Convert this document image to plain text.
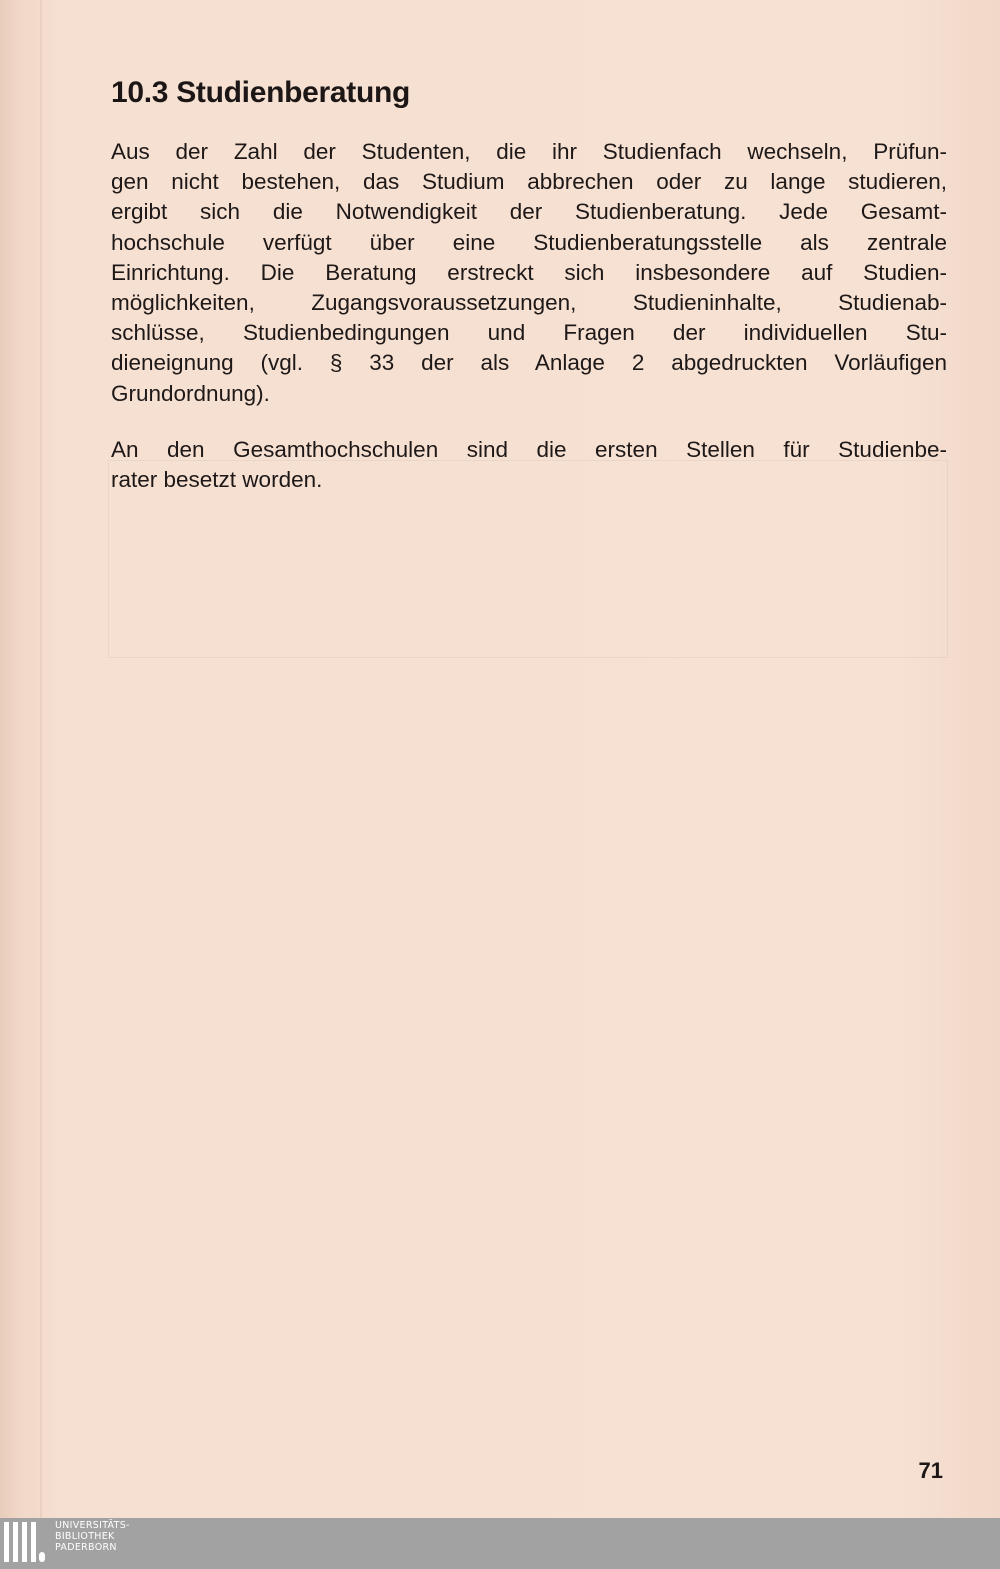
10.3 Studienberatung

Aus der Zahl der Studenten, die ihr Studienfach wechseln, Prüfun-
gen nicht bestehen, das Studium abbrechen oder zu lange studieren,
ergibt sich die Notwendigkeit der Studienberatung. Jede Gesamt-
hochschule verfügt über eine Studienberatungsstelle als zentrale
Einrichtung. Die Beratung erstreckt sich insbesondere auf Studien-
möglichkeiten, Zugangsvoraussetzungen, Studieninhalte, Studienab-
schlüsse, Studienbedingungen und Fragen der individuellen Stu-
dieneignung (vgl. § 33 der als Anlage 2 abgedruckten Vorläufigen
Grundordnung).

An den Gesamthochschulen sind die ersten Stellen für Studienbe-
rater besetzt worden.

71
UNIVERSITÄTS-
BIBLIOTHEK
PADERBORN
